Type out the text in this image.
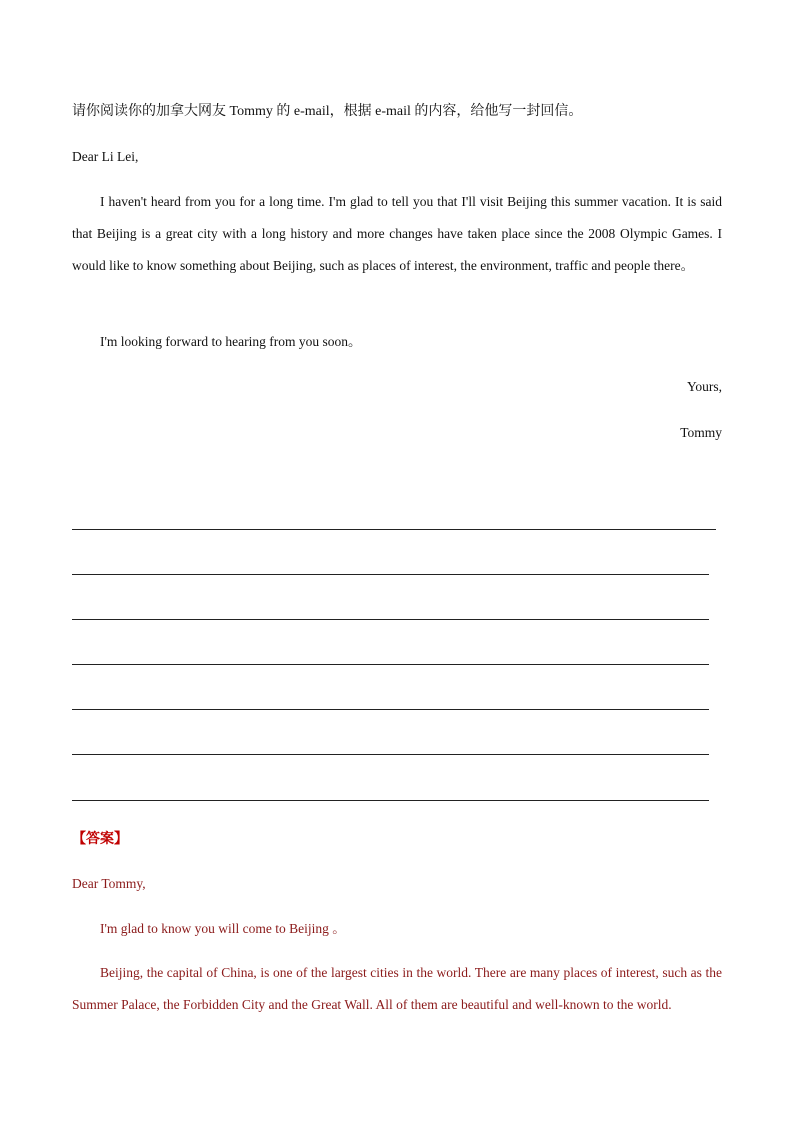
请你阅读你的加拿大网友 Tommy 的 e-mail，根据 e-mail 的内容，给他写一封回信。

Dear Li Lei,

I haven't heard from you for a long time. I'm glad to tell you that I'll visit Beijing this summer vacation. It is said that Beijing is a great city with a long history and more changes have taken place since the 2008 Olympic Games. I would like to know something about Beijing, such as places of interest, the environment, traffic and people there。

I'm looking forward to hearing from you soon。

Yours,

Tommy

【答案】

Dear Tommy,

I'm glad to know you will come to Beijing 。

Beijing, the capital of China, is one of the largest cities in the world. There are many places of interest, such as the Summer Palace, the Forbidden City and the Great Wall. All of them are beautiful and well-known to the world.
